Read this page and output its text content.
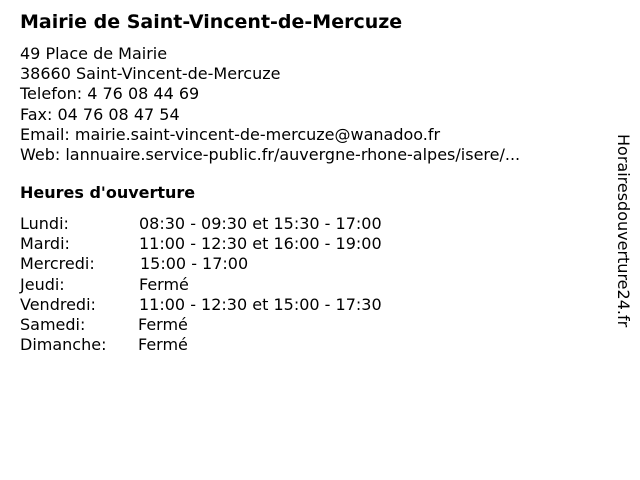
Mairie de Saint-Vincent-de-Mercuze
49 Place de Mairie
38660 Saint-Vincent-de-Mercuze
Telefon: 4 76 08 44 69
Fax: 04 76 08 47 54
Email: mairie.saint-vincent-de-mercuze@wanadoo.fr
Web: lannuaire.service-public.fr/auvergne-rhone-alpes/isere/...
Heures d'ouverture
Lundi:	08:30 - 09:30 et 15:30 - 17:00
Mardi:	11:00 - 12:30 et 16:00 - 19:00
Mercredi:	15:00 - 17:00
Jeudi:	Fermé
Vendredi:	11:00 - 12:30 et 15:00 - 17:30
Samedi:	Fermé
Dimanche: Fermé
Horairesdouverture24.fr
